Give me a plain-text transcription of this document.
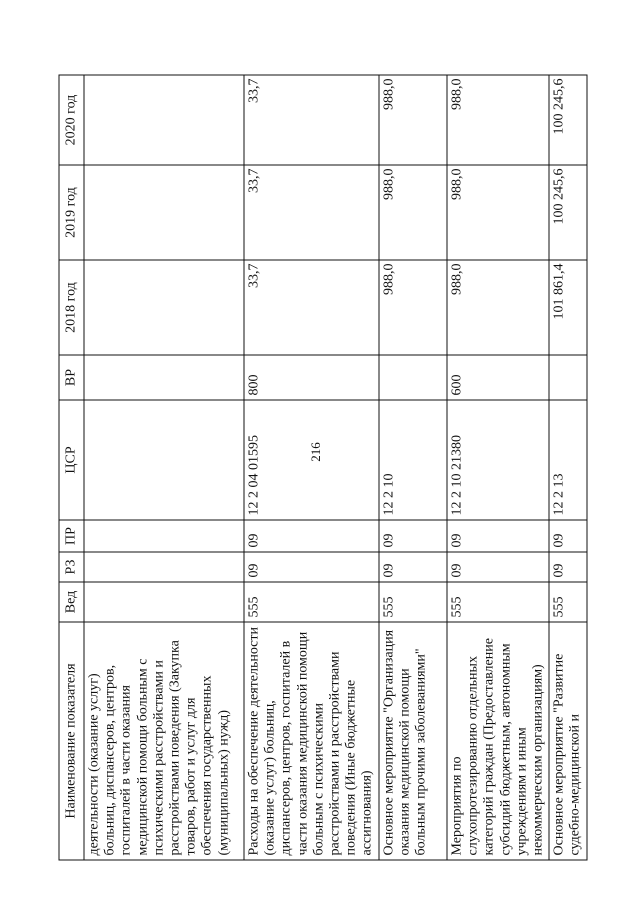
216
Наименование показателя	Вед	РЗ	ПР	ЦСР	ВР	2018 год	2019 год	2020 год
деятельности (оказание услуг) больниц, диспансеров, центров, госпиталей в части оказания медицинской помощи больным с психическими расстройствами и расстройствами поведения (Закупка товаров, работ и услуг для обеспечения государственных (муниципальных) нужд)								
Расходы на обеспечение деятельности (оказание услуг) больниц, диспансеров, центров, госпиталей в части оказания медицинской помощи больным с психическими расстройствами и расстройствами поведения (Иные бюджетные ассигнования)	555	09	09	12 2 04 01595	800	33,7	33,7	33,7
Основное мероприятие "Организация оказания медицинской помощи больным прочими заболеваниями"	555	09	09	12 2 10		988,0	988,0	988,0
Мероприятия по слухопротезированию отдельных категорий граждан (Предоставление субсидий бюджетным, автономным учреждениям и иным некоммерческим организациям)	555	09	09	12 2 10 21380	600	988,0	988,0	988,0
Основное мероприятие "Развитие судебно-медицинской и	555	09	09	12 2 13		101 861,4	100 245,6	100 245,6
